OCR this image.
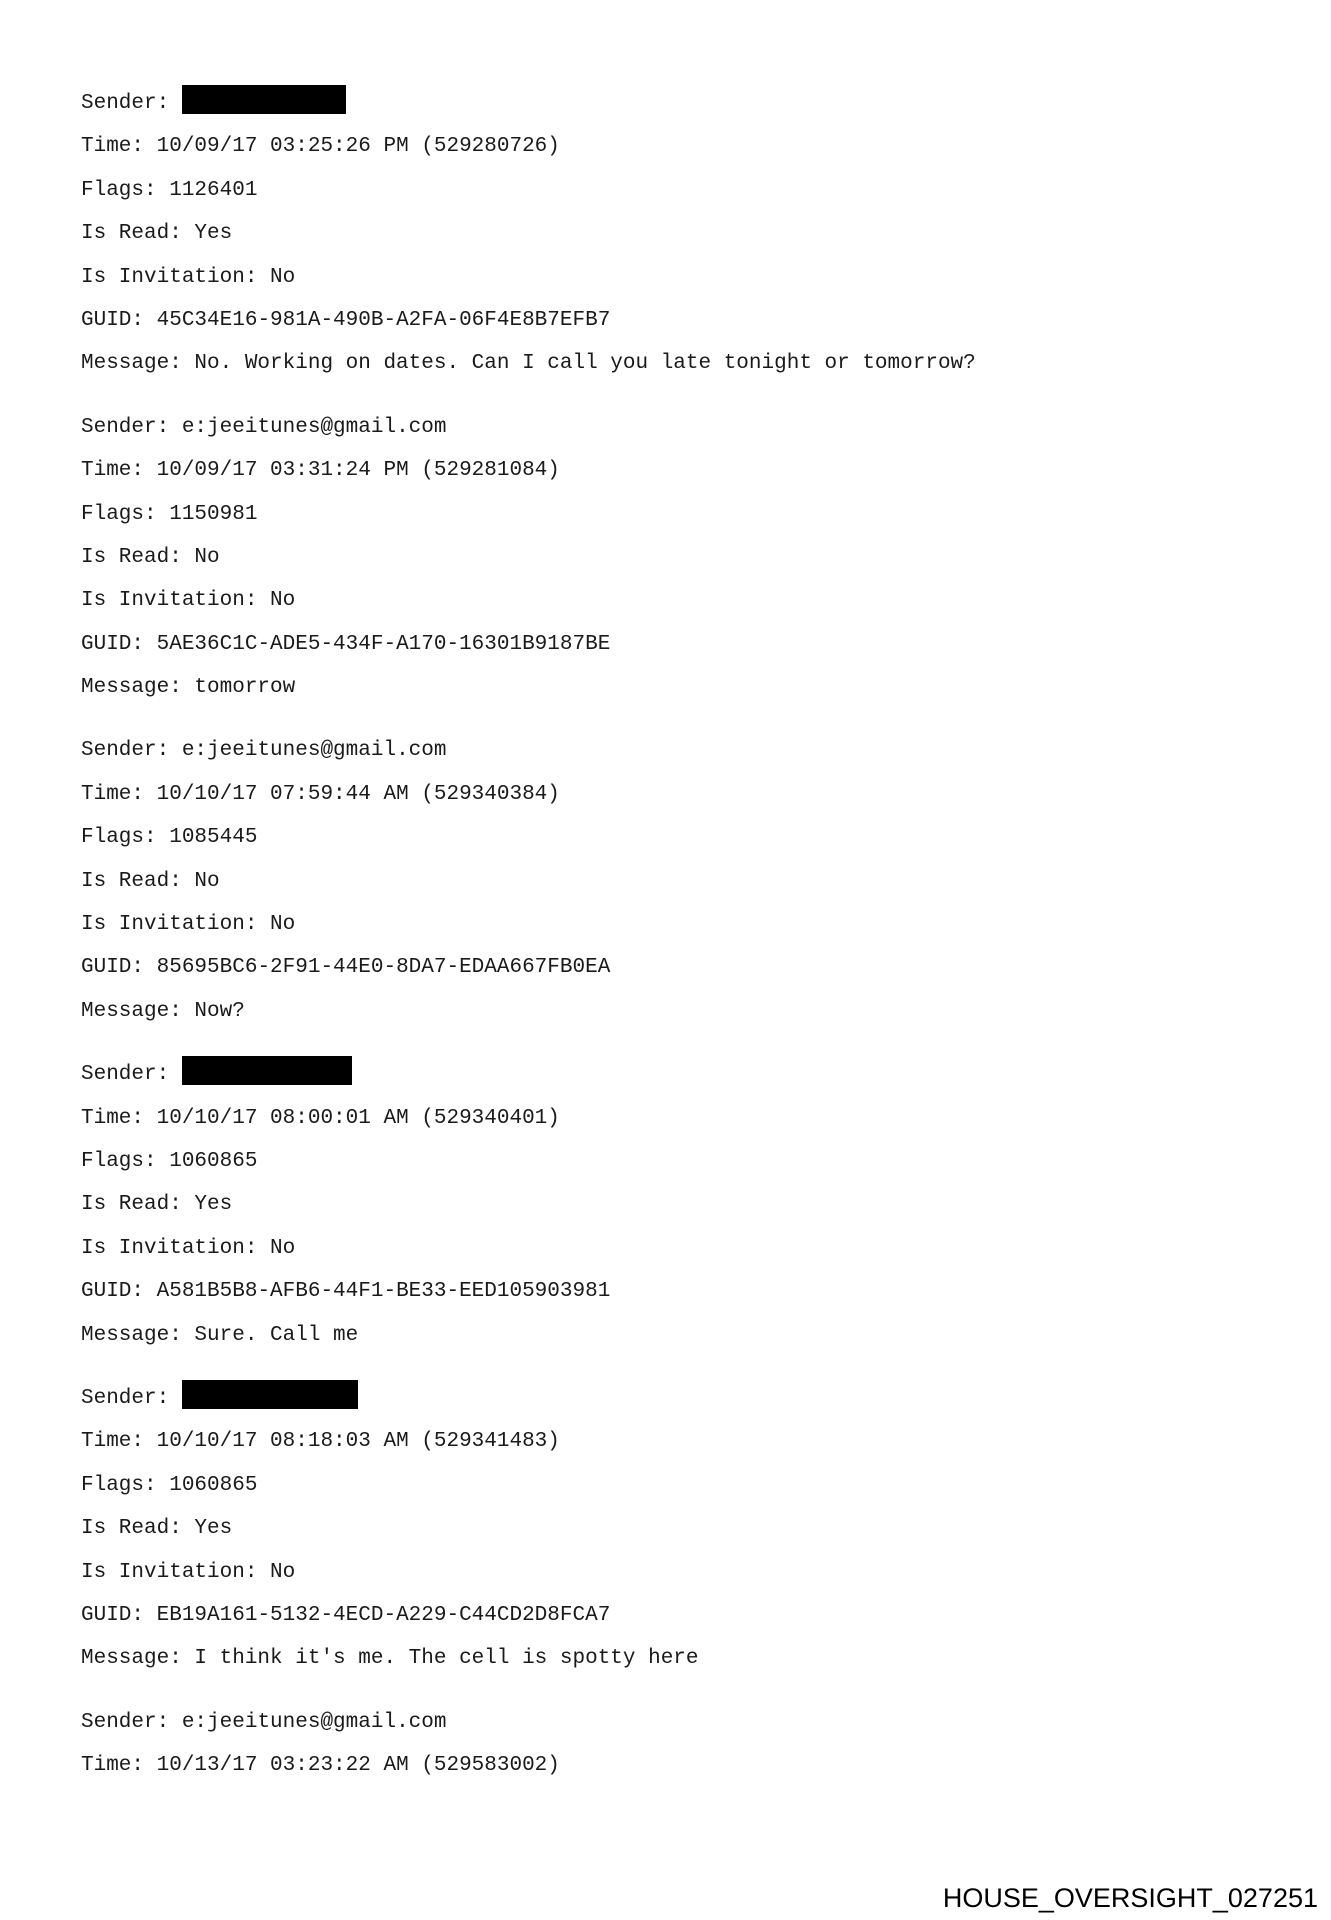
Sender:
Time: 10/09/17 03:25:26 PM (529280726)
Flags: 1126401
Is Read: Yes
Is Invitation: No
GUID: 45C34E16-981A-490B-A2FA-06F4E8B7EFB7
Message: No. Working on dates. Can I call you late tonight or tomorrow?
Sender: e:jeeitunes@gmail.com
Time: 10/09/17 03:31:24 PM (529281084)
Flags: 1150981
Is Read: No
Is Invitation: No
GUID: 5AE36C1C-ADE5-434F-A170-16301B9187BE
Message: tomorrow
Sender: e:jeeitunes@gmail.com
Time: 10/10/17 07:59:44 AM (529340384)
Flags: 1085445
Is Read: No
Is Invitation: No
GUID: 85695BC6-2F91-44E0-8DA7-EDAA667FB0EA
Message: Now?
Sender:
Time: 10/10/17 08:00:01 AM (529340401)
Flags: 1060865
Is Read: Yes
Is Invitation: No
GUID: A581B5B8-AFB6-44F1-BE33-EED105903981
Message: Sure. Call me
Sender:
Time: 10/10/17 08:18:03 AM (529341483)
Flags: 1060865
Is Read: Yes
Is Invitation: No
GUID: EB19A161-5132-4ECD-A229-C44CD2D8FCA7
Message: I think it's me. The cell is spotty here
Sender: e:jeeitunes@gmail.com
Time: 10/13/17 03:23:22 AM (529583002)
HOUSE_OVERSIGHT_027251
